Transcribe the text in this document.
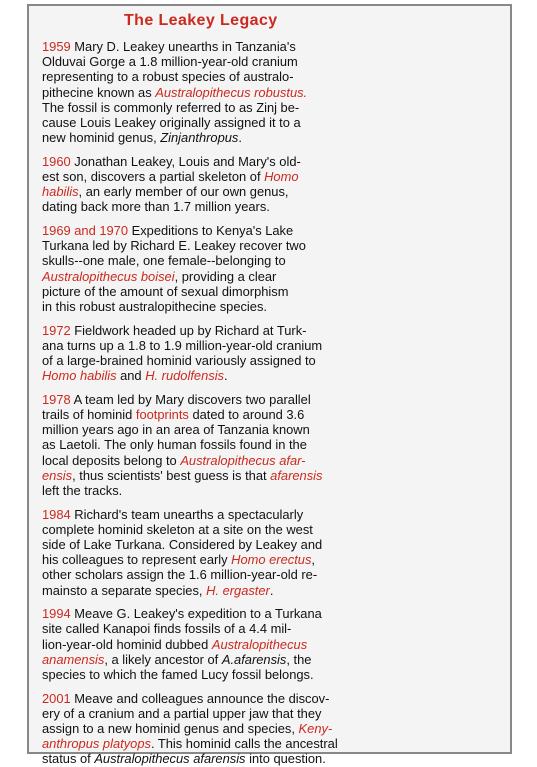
The Leakey Legacy
1959 Mary D. Leakey unearths in Tanzania's
Olduvai Gorge a 1.8 million-year-old cranium
representing to a robust species of australo-
pithecine known as Australopithecus robustus.
The fossil is commonly referred to as Zinj be-
cause Louis Leakey originally assigned it to a
new hominid genus, Zinjanthropus.
1960 Jonathan Leakey, Louis and Mary's old-
est son, discovers a partial skeleton of Homo
habilis, an early member of our own genus,
dating back more than 1.7 million years.
1969 and 1970 Expeditions to Kenya's Lake
Turkana led by Richard E. Leakey recover two
skulls--one male, one female--belonging to
Australopithecus boisei, providing a clear
picture of the amount of sexual dimorphism
in this robust australopithecine species.
1972 Fieldwork headed up by Richard at Turk-
ana turns up a 1.8 to 1.9 million-year-old cranium
of a large-brained hominid variously assigned to
Homo habilis and H. rudolfensis.
1978 A team led by Mary discovers two parallel
trails of hominid footprints dated to around 3.6
million years ago in an area of Tanzania known
as Laetoli. The only human fossils found in the
local deposits belong to Australopithecus afar-
ensis, thus scientists' best guess is that afarensis
left the tracks.
1984 Richard's team unearths a spectacularly
complete hominid skeleton at a site on the west
side of Lake Turkana. Considered by Leakey and
his colleagues to represent early Homo erectus,
other scholars assign the 1.6 million-year-old re-
mainsto a separate species, H. ergaster.
1994 Meave G. Leakey's expedition to a Turkana
site called Kanapoi finds fossils of a 4.4 mil-
lion-year-old hominid dubbed Australopithecus
anamensis, a likely ancestor of A.afarensis, the
species to which the famed Lucy fossil belongs.
2001 Meave and colleagues announce the discov-
ery of a cranium and a partial upper jaw that they
assign to a new hominid genus and species, Keny-
anthropus platyops. This hominid calls the ancestral
status of Australopithecus afarensis into question.
